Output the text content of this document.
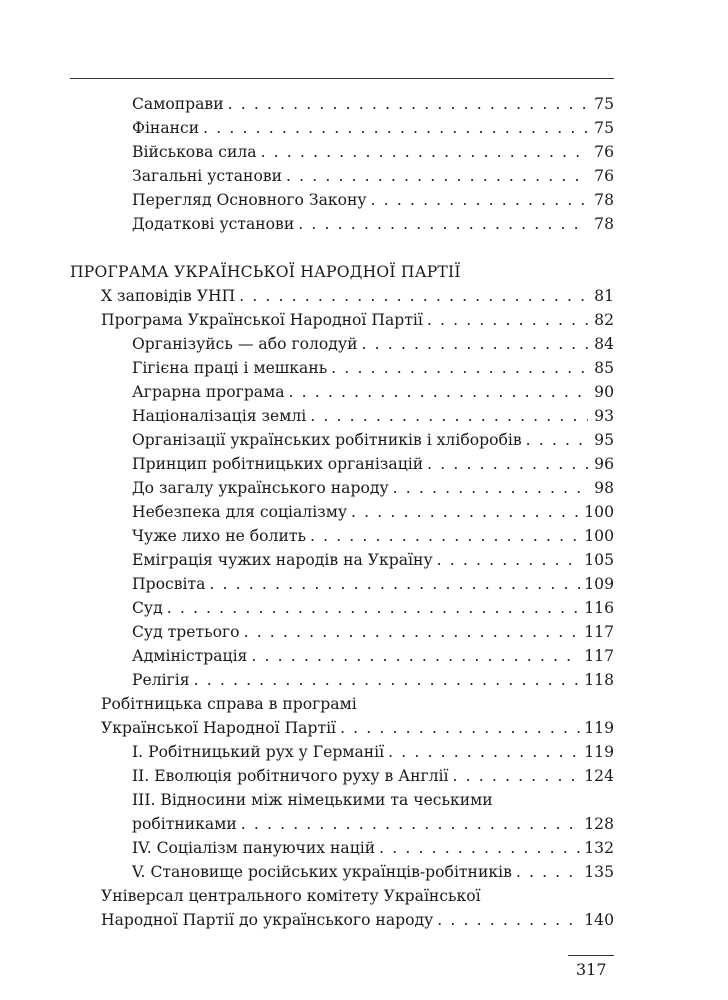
Самоправи . . .	75
Фінанси . . .	75
Військова сила . . .	76
Загальні установи . . .	76
Перегляд Основного Закону . . .	78
Додаткові установи . . .	78
ПРОГРАМА УКРАЇНСЬКОЇ НАРОДНОЇ ПАРТІЇ
X заповідів УНП . . .	81
Програма Української Народної Партії . . .	82
Організуйсь — або голодуй . . .	84
Гігієна праці і мешкань . . .	85
Аграрна програма . . .	90
Націоналізація землі . . .	93
Організації українських робітників і хліборобів . . .	95
Принцип робітницьких організацій . . .	96
До загалу українського народу . . .	98
Небезпека для соціалізму . . .	100
Чуже лихо не болить . . .	100
Еміграція чужих народів на Україну . . .	105
Просвіта . . .	109
Суд . . .	116
Суд третього . . .	117
Адміністрація . . .	117
Релігія . . .	118
Робітницька справа в програмі
Української Народної Партії . . .	119
I. Робітницький рух у Германії . . .	119
II. Еволюція робітничого руху в Англії . . .	124
III. Відносини між німецькими та чеськими
робітниками . . .	128
IV. Соціалізм пануючих націй . . .	132
V. Становище російських українців-робітників . . .	135
Універсал центрального комітету Української
Народної Партії до українського народу . . .	140
317
